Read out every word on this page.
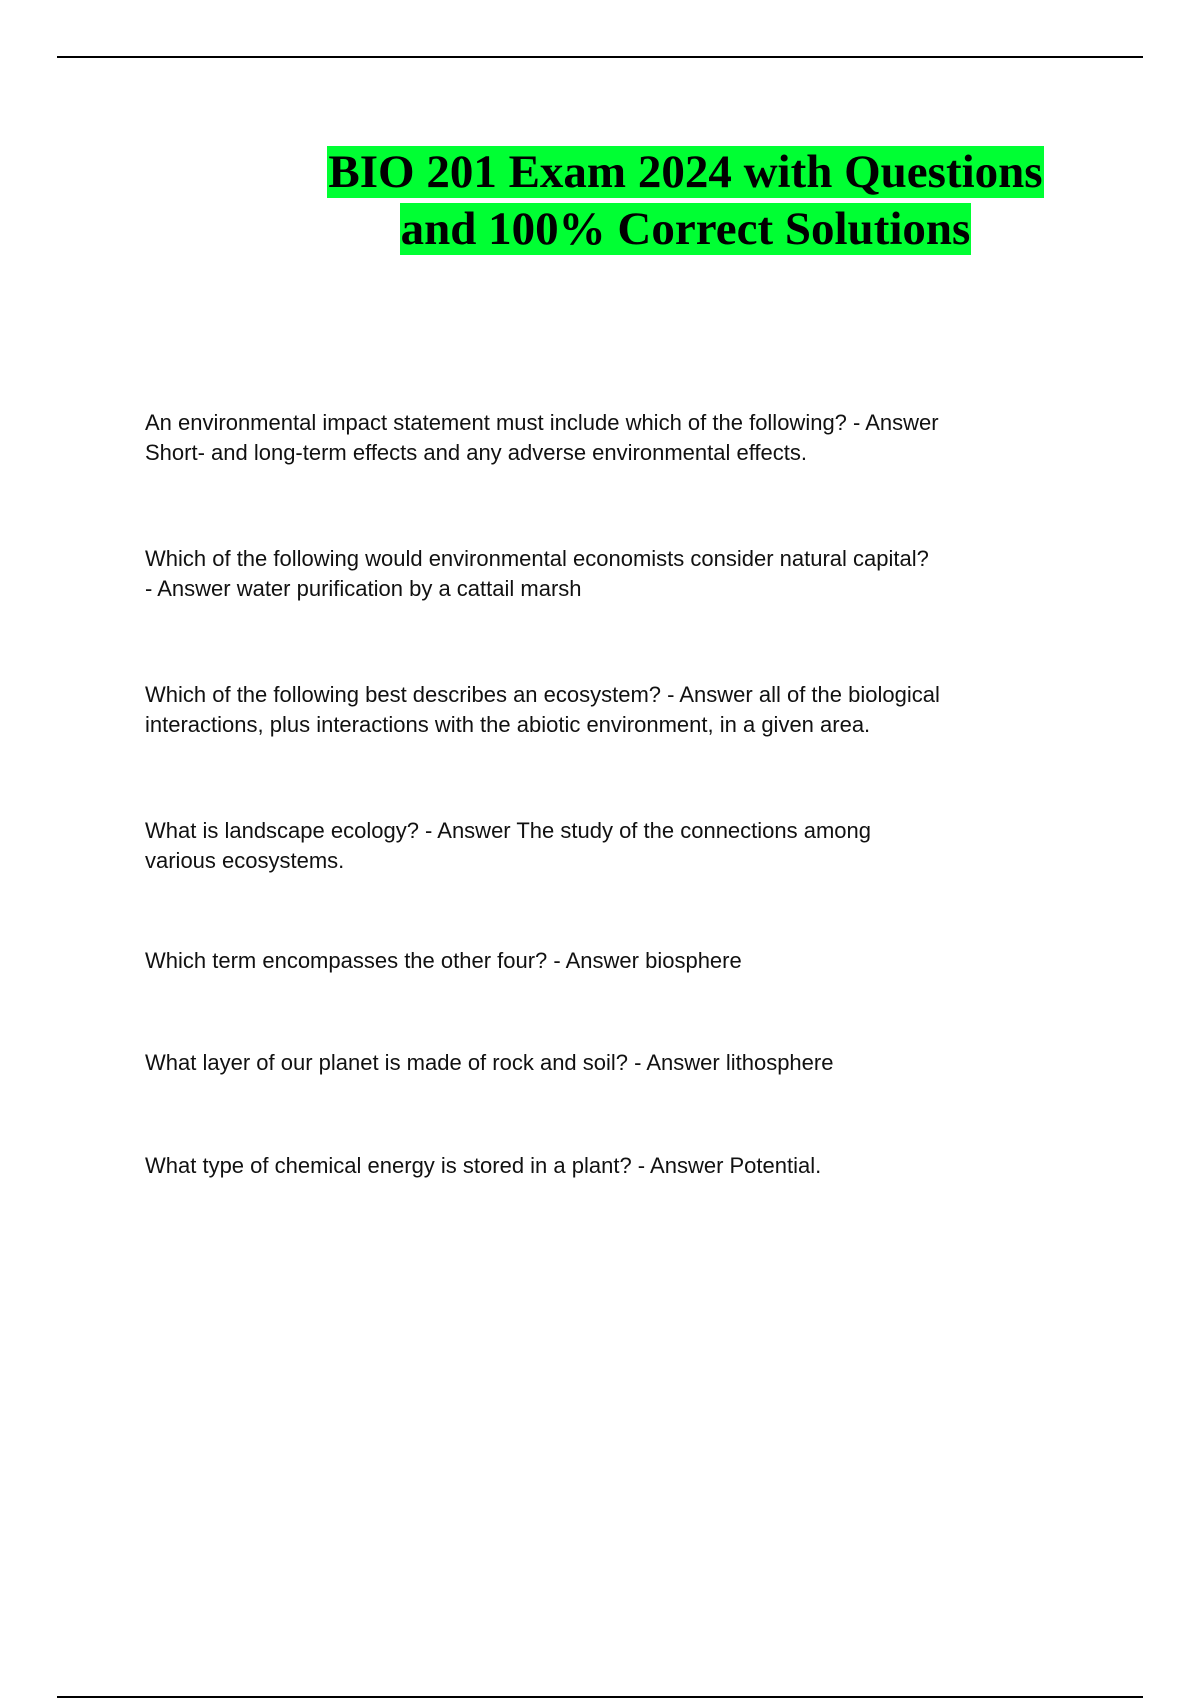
BIO 201 Exam 2024 with Questions
and 100% Correct Solutions
An environmental impact statement must include which of the following? - Answer
Short- and long-term effects and any adverse environmental effects.
Which of the following would environmental economists consider natural capital?
- Answer water purification by a cattail marsh
Which of the following best describes an ecosystem? - Answer all of the biological
interactions, plus interactions with the abiotic environment, in a given area.
What is landscape ecology? - Answer The study of the connections among
various ecosystems.
Which term encompasses the other four? - Answer biosphere
What layer of our planet is made of rock and soil? - Answer lithosphere
What type of chemical energy is stored in a plant? - Answer Potential.
